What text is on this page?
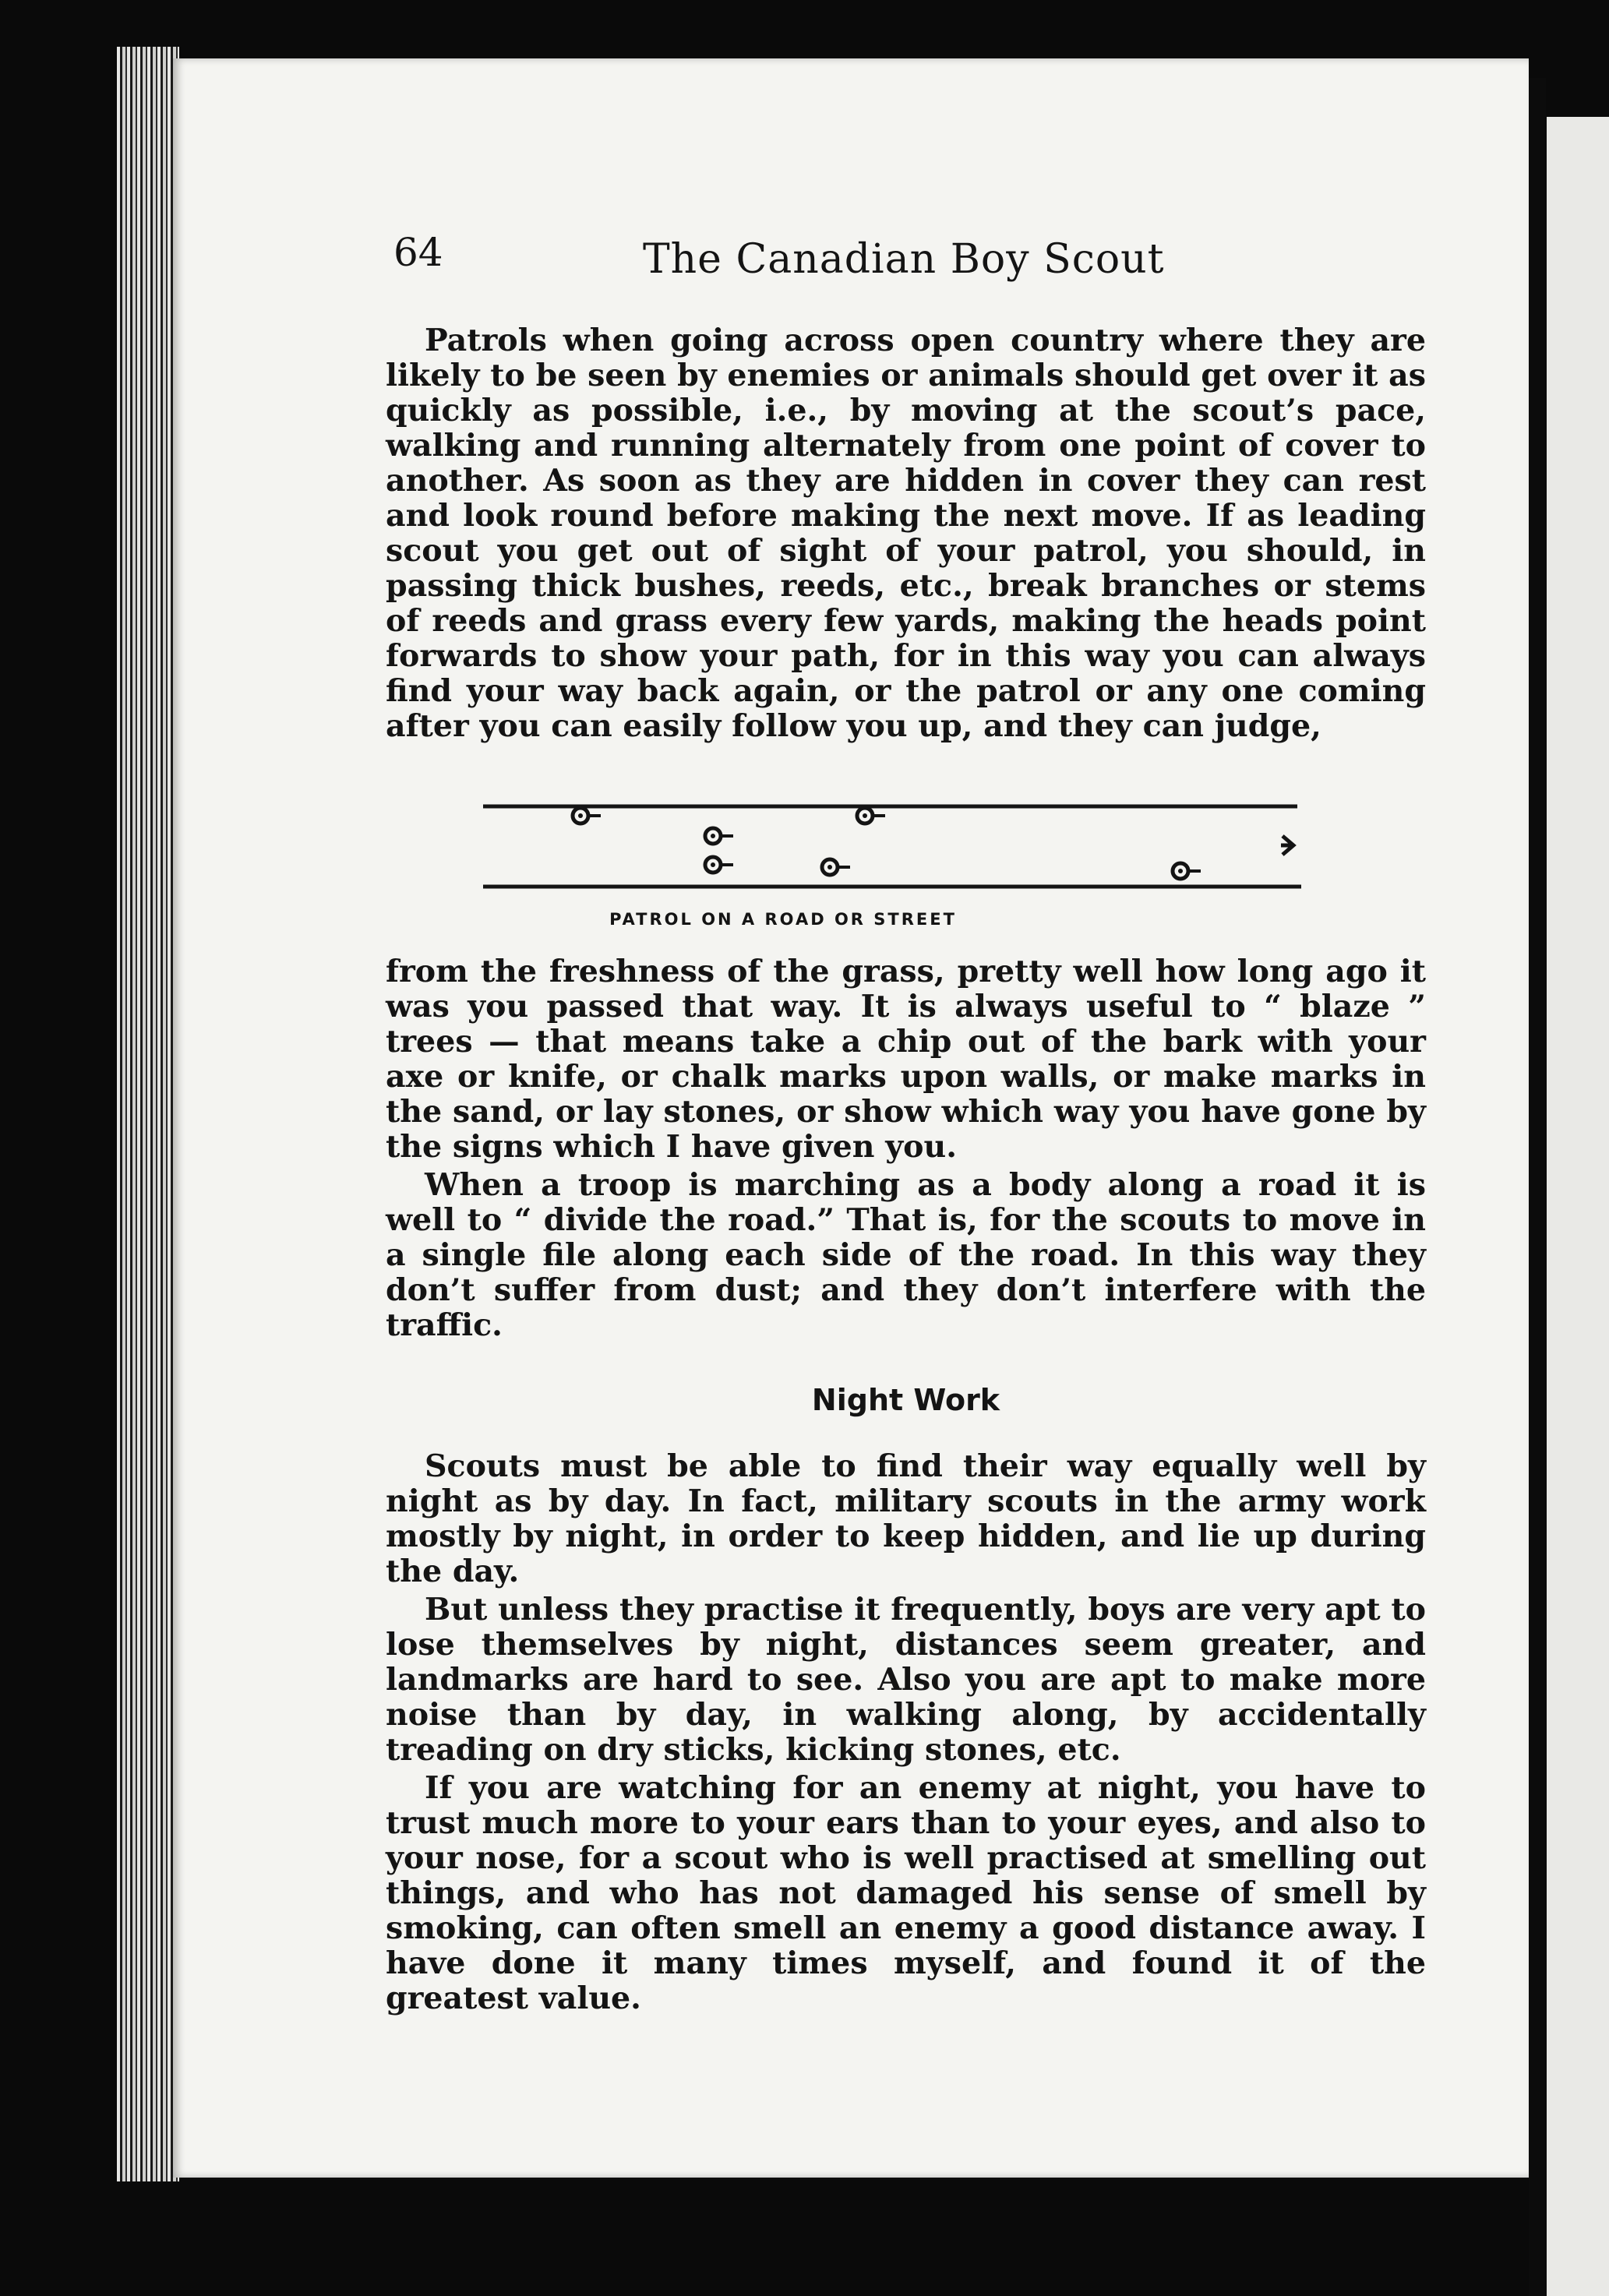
64	The Canadian Boy Scout

Patrols when going across open country where they are likely to be seen by enemies or animals should get over it as quickly as possible, i.e., by moving at the scout’s pace, walking and running alternately from one point of cover to another. As soon as they are hidden in cover they can rest and look round before making the next move. If as leading scout you get out of sight of your patrol, you should, in passing thick bushes, reeds, etc., break branches or stems of reeds and grass every few yards, making the heads point forwards to show your path, for in this way you can always find your way back again, or the patrol or any one coming after you can easily follow you up, and they can judge,

PATROL ON A ROAD OR STREET

from the freshness of the grass, pretty well how long ago it was you passed that way. It is always useful to “ blaze ” trees — that means take a chip out of the bark with your axe or knife, or chalk marks upon walls, or make marks in the sand, or lay stones, or show which way you have gone by the signs which I have given you.

When a troop is marching as a body along a road it is well to “ divide the road.” That is, for the scouts to move in a single file along each side of the road. In this way they don’t suffer from dust; and they don’t interfere with the traffic.

Night Work

Scouts must be able to find their way equally well by night as by day. In fact, military scouts in the army work mostly by night, in order to keep hidden, and lie up during the day.

But unless they practise it frequently, boys are very apt to lose themselves by night, distances seem greater, and landmarks are hard to see. Also you are apt to make more noise than by day, in walking along, by accidentally treading on dry sticks, kicking stones, etc.

If you are watching for an enemy at night, you have to trust much more to your ears than to your eyes, and also to your nose, for a scout who is well practised at smelling out things, and who has not damaged his sense of smell by smoking, can often smell an enemy a good distance away. I have done it many times myself, and found it of the greatest value.
